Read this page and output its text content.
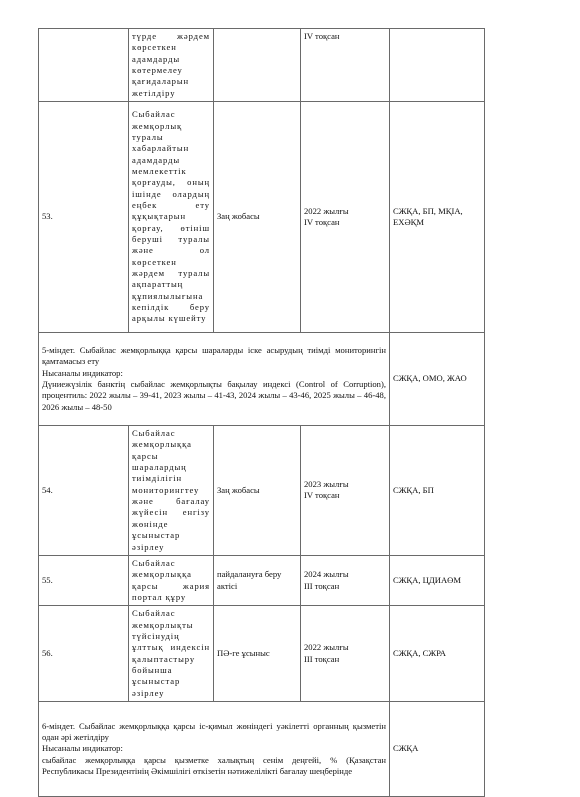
	түрде жәрдем көрсеткен адамдарды көтермелеу қағидаларын жетілдіру		IV тоқсан	
53.	Сыбайлас жемқорлық туралы хабарлайтын адамдарды мемлекеттік қорғауды, оның ішінде олардың еңбек ету құқықтарын қорғау, өтініш беруші туралы және ол көрсеткен жәрдем туралы ақпараттың құпиялылығына кепілдік беру арқылы күшейту	Заң жобасы	2022 жылғы
IV тоқсан	СЖҚА, БП, МҚІА, ЕХӘҚМ

5-міндет. Сыбайлас жемқорлыққа қарсы шараларды іске асырудың тиімді мониторингін қамтамасыз ету
Нысаналы индикатор:
Дүниежүзілік банктің сыбайлас жемқорлықты бақылау индексі (Control of Corruption), процентиль: 2022 жылы – 39-41, 2023 жылы – 41-43, 2024 жылы – 43-46, 2025 жылы – 46-48, 2026 жылы – 48-50				СЖҚА, ОМО, ЖАО
54.	Сыбайлас жемқорлыққа қарсы шаралардың тиімділігін мониторингтеу және бағалау жүйесін енгізу жөнінде ұсыныстар әзірлеу	Заң жобасы	2023 жылғы
IV тоқсан	СЖҚА, БП
55.	Сыбайлас жемқорлыққа қарсы жария портал құру	пайдалануға беру актісі	2024 жылғы
III тоқсан	СЖҚА, ЦДИАӨМ
56.	Сыбайлас жемқорлықты түйсінудің ұлттық индексін қалыптастыру бойынша ұсыныстар әзірлеу	ПӘ-ге ұсыныс	2022 жылғы
III тоқсан	СЖҚА, СЖРА

6-міндет. Сыбайлас жемқорлыққа қарсы іс-қимыл жөніндегі уәкілетті органның қызметін одан әрі жетілдіру
Нысаналы индикатор:
сыбайлас жемқорлыққа қарсы қызметке халықтың сенім деңгейі, % (Қазақстан Республикасы Президентінің Әкімшілігі өткізетін нәтижелілікті бағалау шеңберінде				СЖҚА
